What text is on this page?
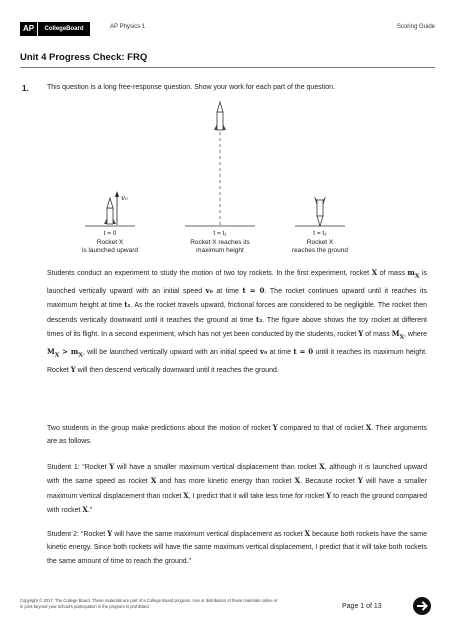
AP	CollegeBoard	AP Physics 1	Scoring Guide
Unit 4 Progress Check: FRQ
1.	This question is a long free-response question. Show your work for each part of the question.
v₀
t = 0
Rocket X
is launched upward
t = t₁
Rocket X reaches its
maximum height
t = t₂
Rocket X
reaches the ground

Students conduct an experiment to study the motion of two toy rockets. In the first experiment, rocket X of mass $m_X$ is launched vertically upward with an initial speed v₀ at time t = 0. The rocket continues upward until it reaches its maximum height at time t₁. As the rocket travels upward, frictional forces are considered to be negligible. The rocket then descends vertically downward until it reaches the ground at time t₂. The figure above shows the toy rocket at different times of its flight. In a second experiment, which has not yet been conducted by the students, rocket Y of mass $M_X$, where $M_X > m_X$, will be launched vertically upward with an initial speed v₀ at time t = 0 until it reaches its maximum height. Rocket Y will then descend vertically downward until it reaches the ground.

Two students in the group make predictions about the motion of rocket Y compared to that of rocket X. Their arguments are as follows.

Student 1: “Rocket Y will have a smaller maximum vertical displacement than rocket X, although it is launched upward with the same speed as rocket X and has more kinetic energy than rocket X. Because rocket Y will have a smaller maximum vertical displacement than rocket X, I predict that it will take less time for rocket Y to reach the ground compared with rocket X.”

Student 2: “Rocket Y will have the same maximum vertical displacement as rocket X because both rockets have the same kinetic energy. Since both rockets will have the same maximum vertical displacement, I predict that it will take both rockets the same amount of time to reach the ground.”

Copyright © 2017. The College Board. These materials are part of a College Board program. Use or distribution of these materials online or
in print beyond your school's participation in the program is prohibited.	Page 1 of 13
